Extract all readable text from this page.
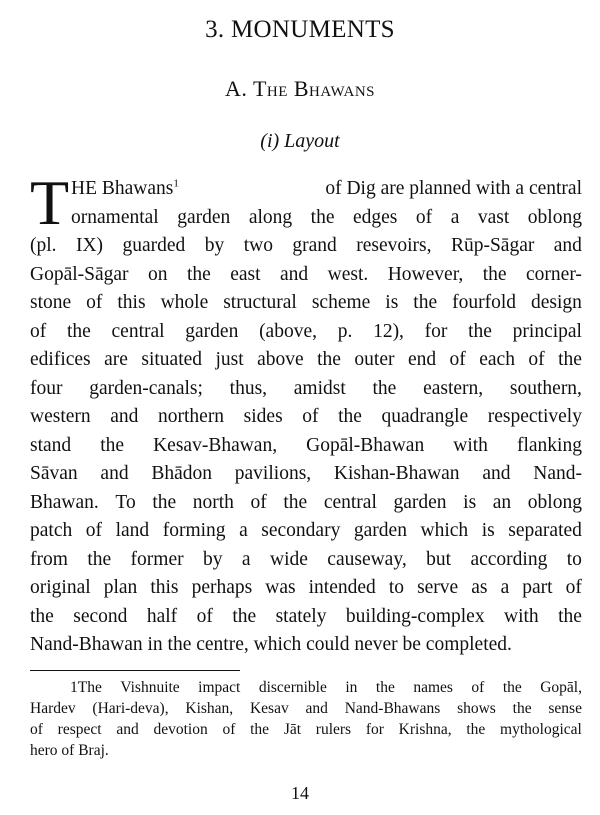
3. MONUMENTS
A. The Bhawans
(i) Layout
T HE Bhawans$^1$	of Dig are planned with a central
ornamental garden along the edges of a vast oblong
(pl. IX) guarded by two grand resevoirs, Rūp-Sāgar and
Gopāl-Sāgar on the east and west. However, the corner-
stone of this whole structural scheme is the fourfold design
of the central garden (above, p. 12), for the principal
edifices are situated just above the outer end of each of the
four garden-canals; thus, amidst the eastern, southern,
western and northern sides of the quadrangle respectively
stand the Kesav-Bhawan, Gopāl-Bhawan with flanking
Sāvan and Bhādon pavilions, Kishan-Bhawan and Nand-
Bhawan. To the north of the central garden is an oblong
patch of land forming a secondary garden which is separated
from the former by a wide causeway, but according to
original plan this perhaps was intended to serve as a part of
the second half of the stately building-complex with the
Nand-Bhawan in the centre, which could never be completed.
1The Vishnuite impact discernible in the names of the Gopāl,
Hardev (Hari-deva), Kishan, Kesav and Nand-Bhawans shows the sense
of respect and devotion of the Jāt rulers for Krishna, the mythological
hero of Braj.
14
